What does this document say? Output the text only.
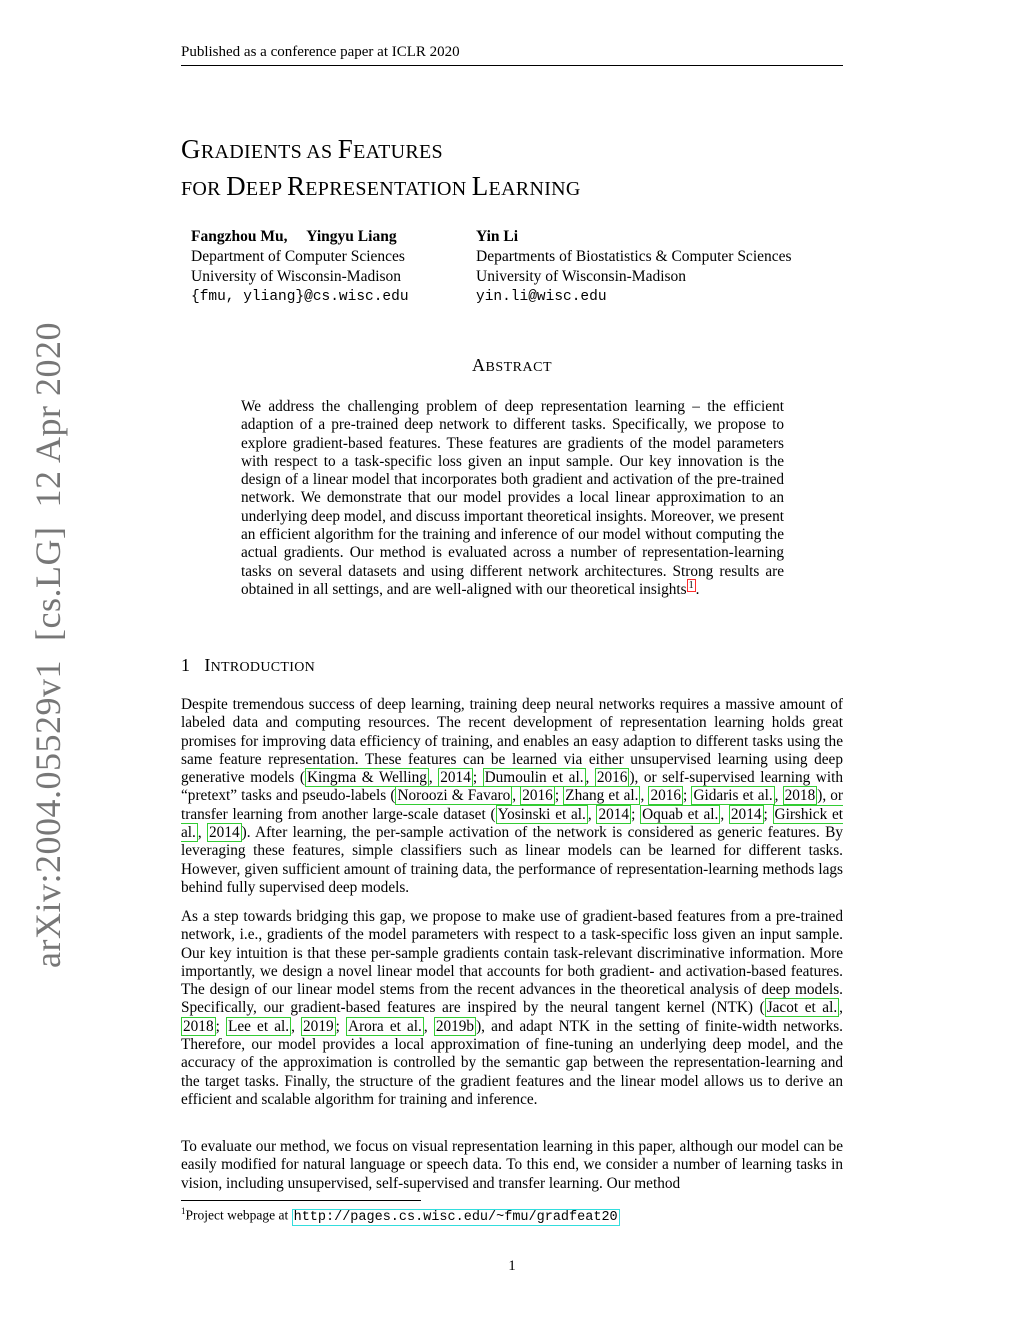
Published as a conference paper at ICLR 2020
GRADIENTS AS FEATURES
FOR DEEP REPRESENTATION LEARNING
Fangzhou Mu,     Yingyu Liang
Department of Computer Sciences
University of Wisconsin-Madison
{fmu, yliang}@cs.wisc.edu
Yin Li
Departments of Biostatistics & Computer Sciences
University of Wisconsin-Madison
yin.li@wisc.edu
ABSTRACT
We address the challenging problem of deep representation learning – the efficient adaption of a pre-trained deep network to different tasks. Specifically, we propose to explore gradient-based features. These features are gradients of the model parameters with respect to a task-specific loss given an input sample. Our key innovation is the design of a linear model that incorporates both gradient and activation of the pre-trained network. We demonstrate that our model provides a local linear approximation to an underlying deep model, and discuss important theoretical insights. Moreover, we present an efficient algorithm for the training and inference of our model without computing the actual gradients. Our method is evaluated across a number of representation-learning tasks on several datasets and using different network architectures. Strong results are obtained in all settings, and are well-aligned with our theoretical insights $^1$ .
1 INTRODUCTION
Despite tremendous success of deep learning, training deep neural networks requires a massive amount of labeled data and computing resources. The recent development of representation learning holds great promises for improving data efficiency of training, and enables an easy adaption to different tasks using the same feature representation. These features can be learned via either unsupervised learning using deep generative models ( Kingma & Welling , 2014 ; Dumoulin et al. , 2016 ), or self-supervised learning with “pretext” tasks and pseudo-labels ( Noroozi & Favaro , 2016 ; Zhang et al. , 2016 ; Gidaris et al. , 2018 ), or transfer learning from another large-scale dataset ( Yosinski et al. , 2014 ; Oquab et al. , 2014 ; Girshick et al. , 2014 ). After learning, the per-sample activation of the network is considered as generic features. By leveraging these features, simple classifiers such as linear models can be learned for different tasks. However, given sufficient amount of training data, the performance of representation-learning methods lags behind fully supervised deep models.
As a step towards bridging this gap, we propose to make use of gradient-based features from a pre-trained network, i.e., gradients of the model parameters with respect to a task-specific loss given an input sample. Our key intuition is that these per-sample gradients contain task-relevant discriminative information. More importantly, we design a novel linear model that accounts for both gradient- and activation-based features. The design of our linear model stems from the recent advances in the theoretical analysis of deep models. Specifically, our gradient-based features are inspired by the neural tangent kernel (NTK) ( Jacot et al. , 2018 ; Lee et al. , 2019 ; Arora et al. , 2019b ), and adapt NTK in the setting of finite-width networks. Therefore, our model provides a local approximation of fine-tuning an underlying deep model, and the accuracy of the approximation is controlled by the semantic gap between the representation-learning and the target tasks. Finally, the structure of the gradient features and the linear model allows us to derive an efficient and scalable algorithm for training and inference.
To evaluate our method, we focus on visual representation learning in this paper, although our model can be easily modified for natural language or speech data. To this end, we consider a number of learning tasks in vision, including unsupervised, self-supervised and transfer learning. Our method
$^1$Project webpage at http://pages.cs.wisc.edu/~fmu/gradfeat20
1
arXiv:2004.05529v1  [cs.LG]  12 Apr 2020
